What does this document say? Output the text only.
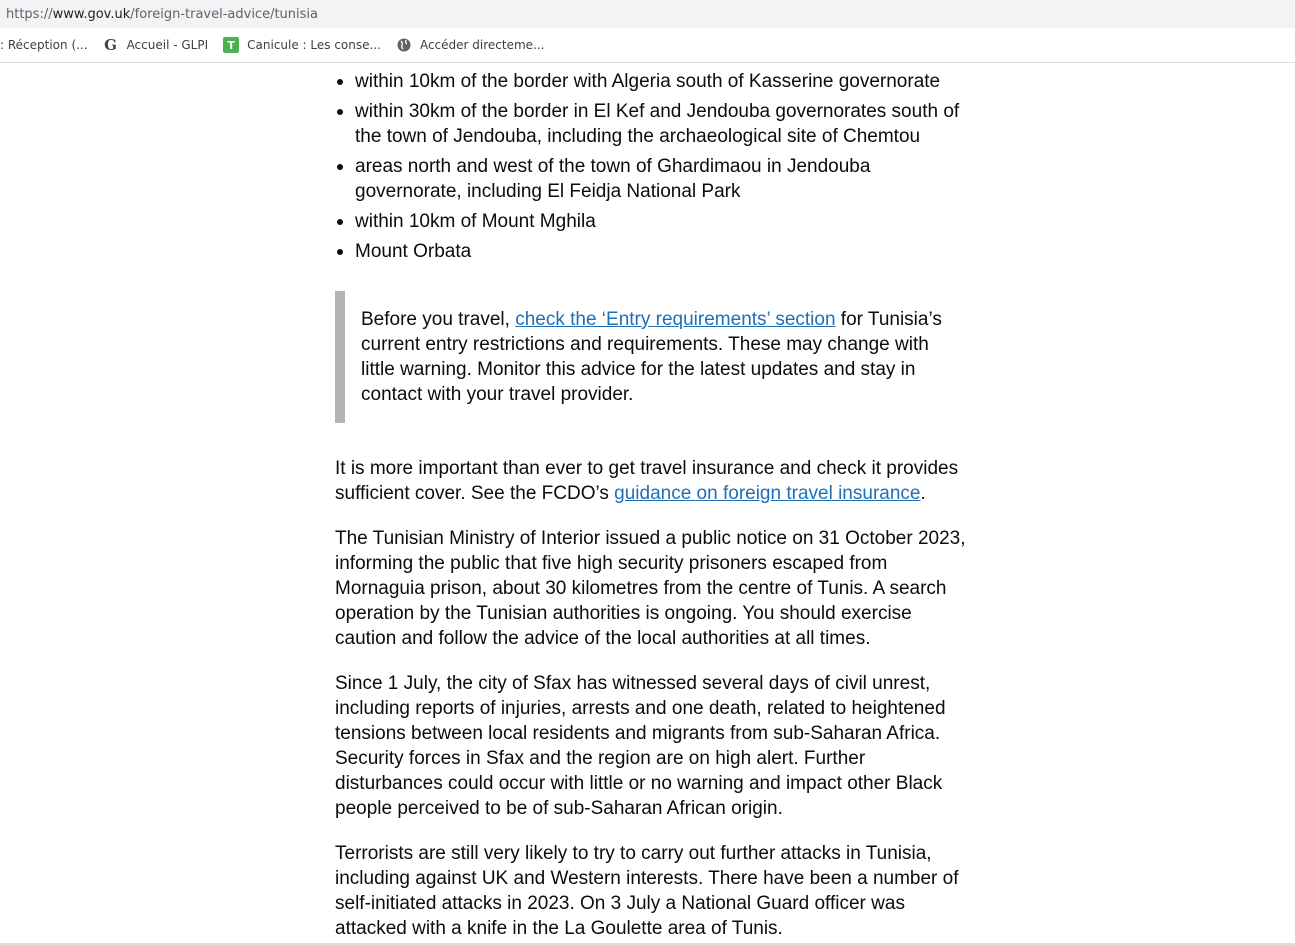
https:// www.gov.uk /foreign-travel-advice/tunisia
: Réception (... G Accueil - GLPI	T	Canicule : Les conse...	Accéder directeme...
within 10km of the border with Algeria south of Kasserine governorate
within 30km of the border in El Kef and Jendouba governorates south of the town of Jendouba, including the archaeological site of Chemtou
areas north and west of the town of Ghardimaou in Jendouba governorate, including El Feidja National Park
within 10km of Mount Mghila
Mount Orbata
Before you travel, check the ‘Entry requirements’ section for Tunisia’s current entry restrictions and requirements. These may change with little warning. Monitor this advice for the latest updates and stay in contact with your travel provider.

It is more important than ever to get travel insurance and check it provides sufficient cover. See the FCDO’s guidance on foreign travel insurance.

The Tunisian Ministry of Interior issued a public notice on 31 October 2023, informing the public that five high security prisoners escaped from Mornaguia prison, about 30 kilometres from the centre of Tunis. A search operation by the Tunisian authorities is ongoing. You should exercise caution and follow the advice of the local authorities at all times.

Since 1 July, the city of Sfax has witnessed several days of civil unrest, including reports of injuries, arrests and one death, related to heightened tensions between local residents and migrants from sub-Saharan Africa. Security forces in Sfax and the region are on high alert. Further disturbances could occur with little or no warning and impact other Black people perceived to be of sub-Saharan African origin.

Terrorists are still very likely to try to carry out further attacks in Tunisia, including against UK and Western interests. There have been a number of self-initiated attacks in 2023. On 3 July a National Guard officer was attacked with a knife in the La Goulette area of Tunis.
